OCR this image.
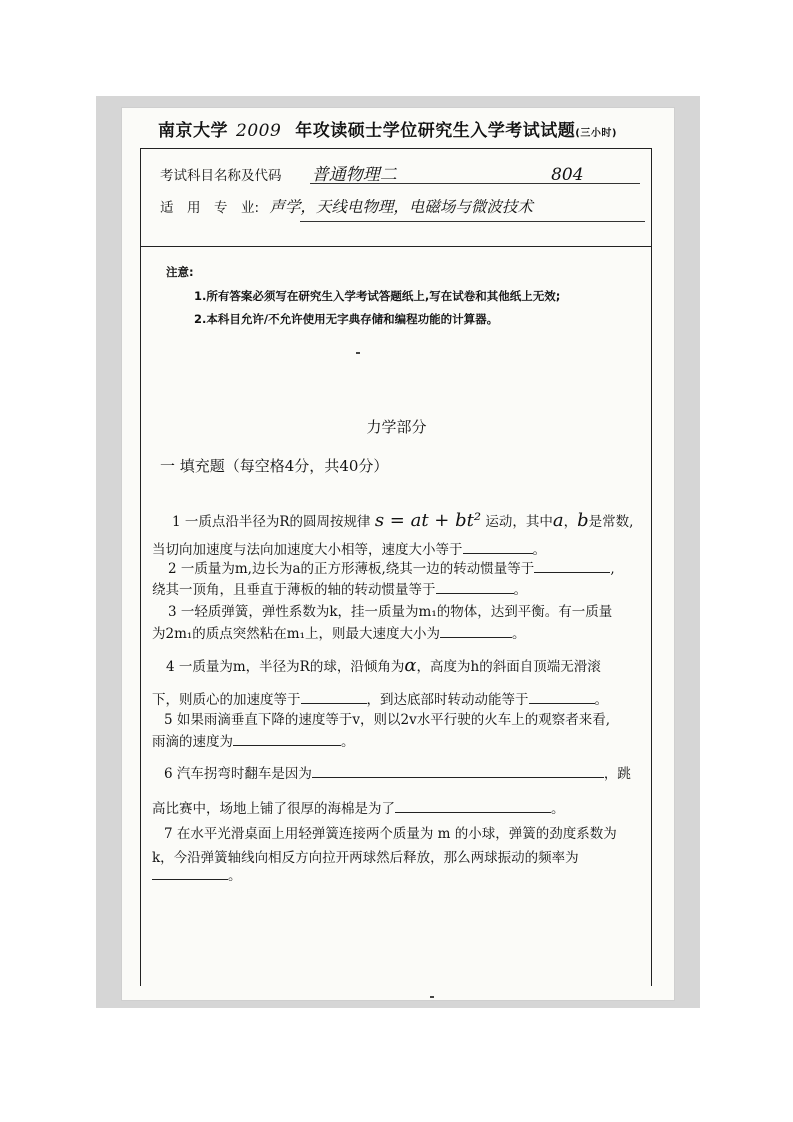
南京大学 2009 年攻读硕士学位研究生入学考试试题(三小时)
考试科目名称及代码 普通物理二	804
适　用　专　业: 声学，天线电物理，电磁场与微波技术
注意:
1.所有答案必须写在研究生入学考试答题纸上,写在试卷和其他纸上无效;
2.本科目允许/不允许使用无字典存储和编程功能的计算器。
力学部分
一 填充题（每空格4分，共40分）
1 一质点沿半径为R的圆周按规律 s = at + bt² 运动，其中a，b是常数,
当切向加速度与法向加速度大小相等，速度大小等于	。
2 一质量为m,边长为a的正方形薄板,绕其一边的转动惯量等于	,
绕其一顶角，且垂直于薄板的轴的转动惯量等于	。
3 一轻质弹簧，弹性系数为k，挂一质量为m₁的物体，达到平衡。有一质量
为2m₁的质点突然粘在m₁上，则最大速度大小为	。
4 一质量为m，半径为R的球，沿倾角为α，高度为h的斜面自顶端无滑滚
下，则质心的加速度等于	，到达底部时转动动能等于	。
5 如果雨滴垂直下降的速度等于v，则以2v水平行驶的火车上的观察者来看,
雨滴的速度为	。
6 汽车拐弯时翻车是因为	，跳
高比赛中，场地上铺了很厚的海棉是为了	。
7 在水平光滑桌面上用轻弹簧连接两个质量为 m 的小球，弹簧的劲度系数为
k，今沿弹簧轴线向相反方向拉开两球然后释放，那么两球振动的频率为
。
